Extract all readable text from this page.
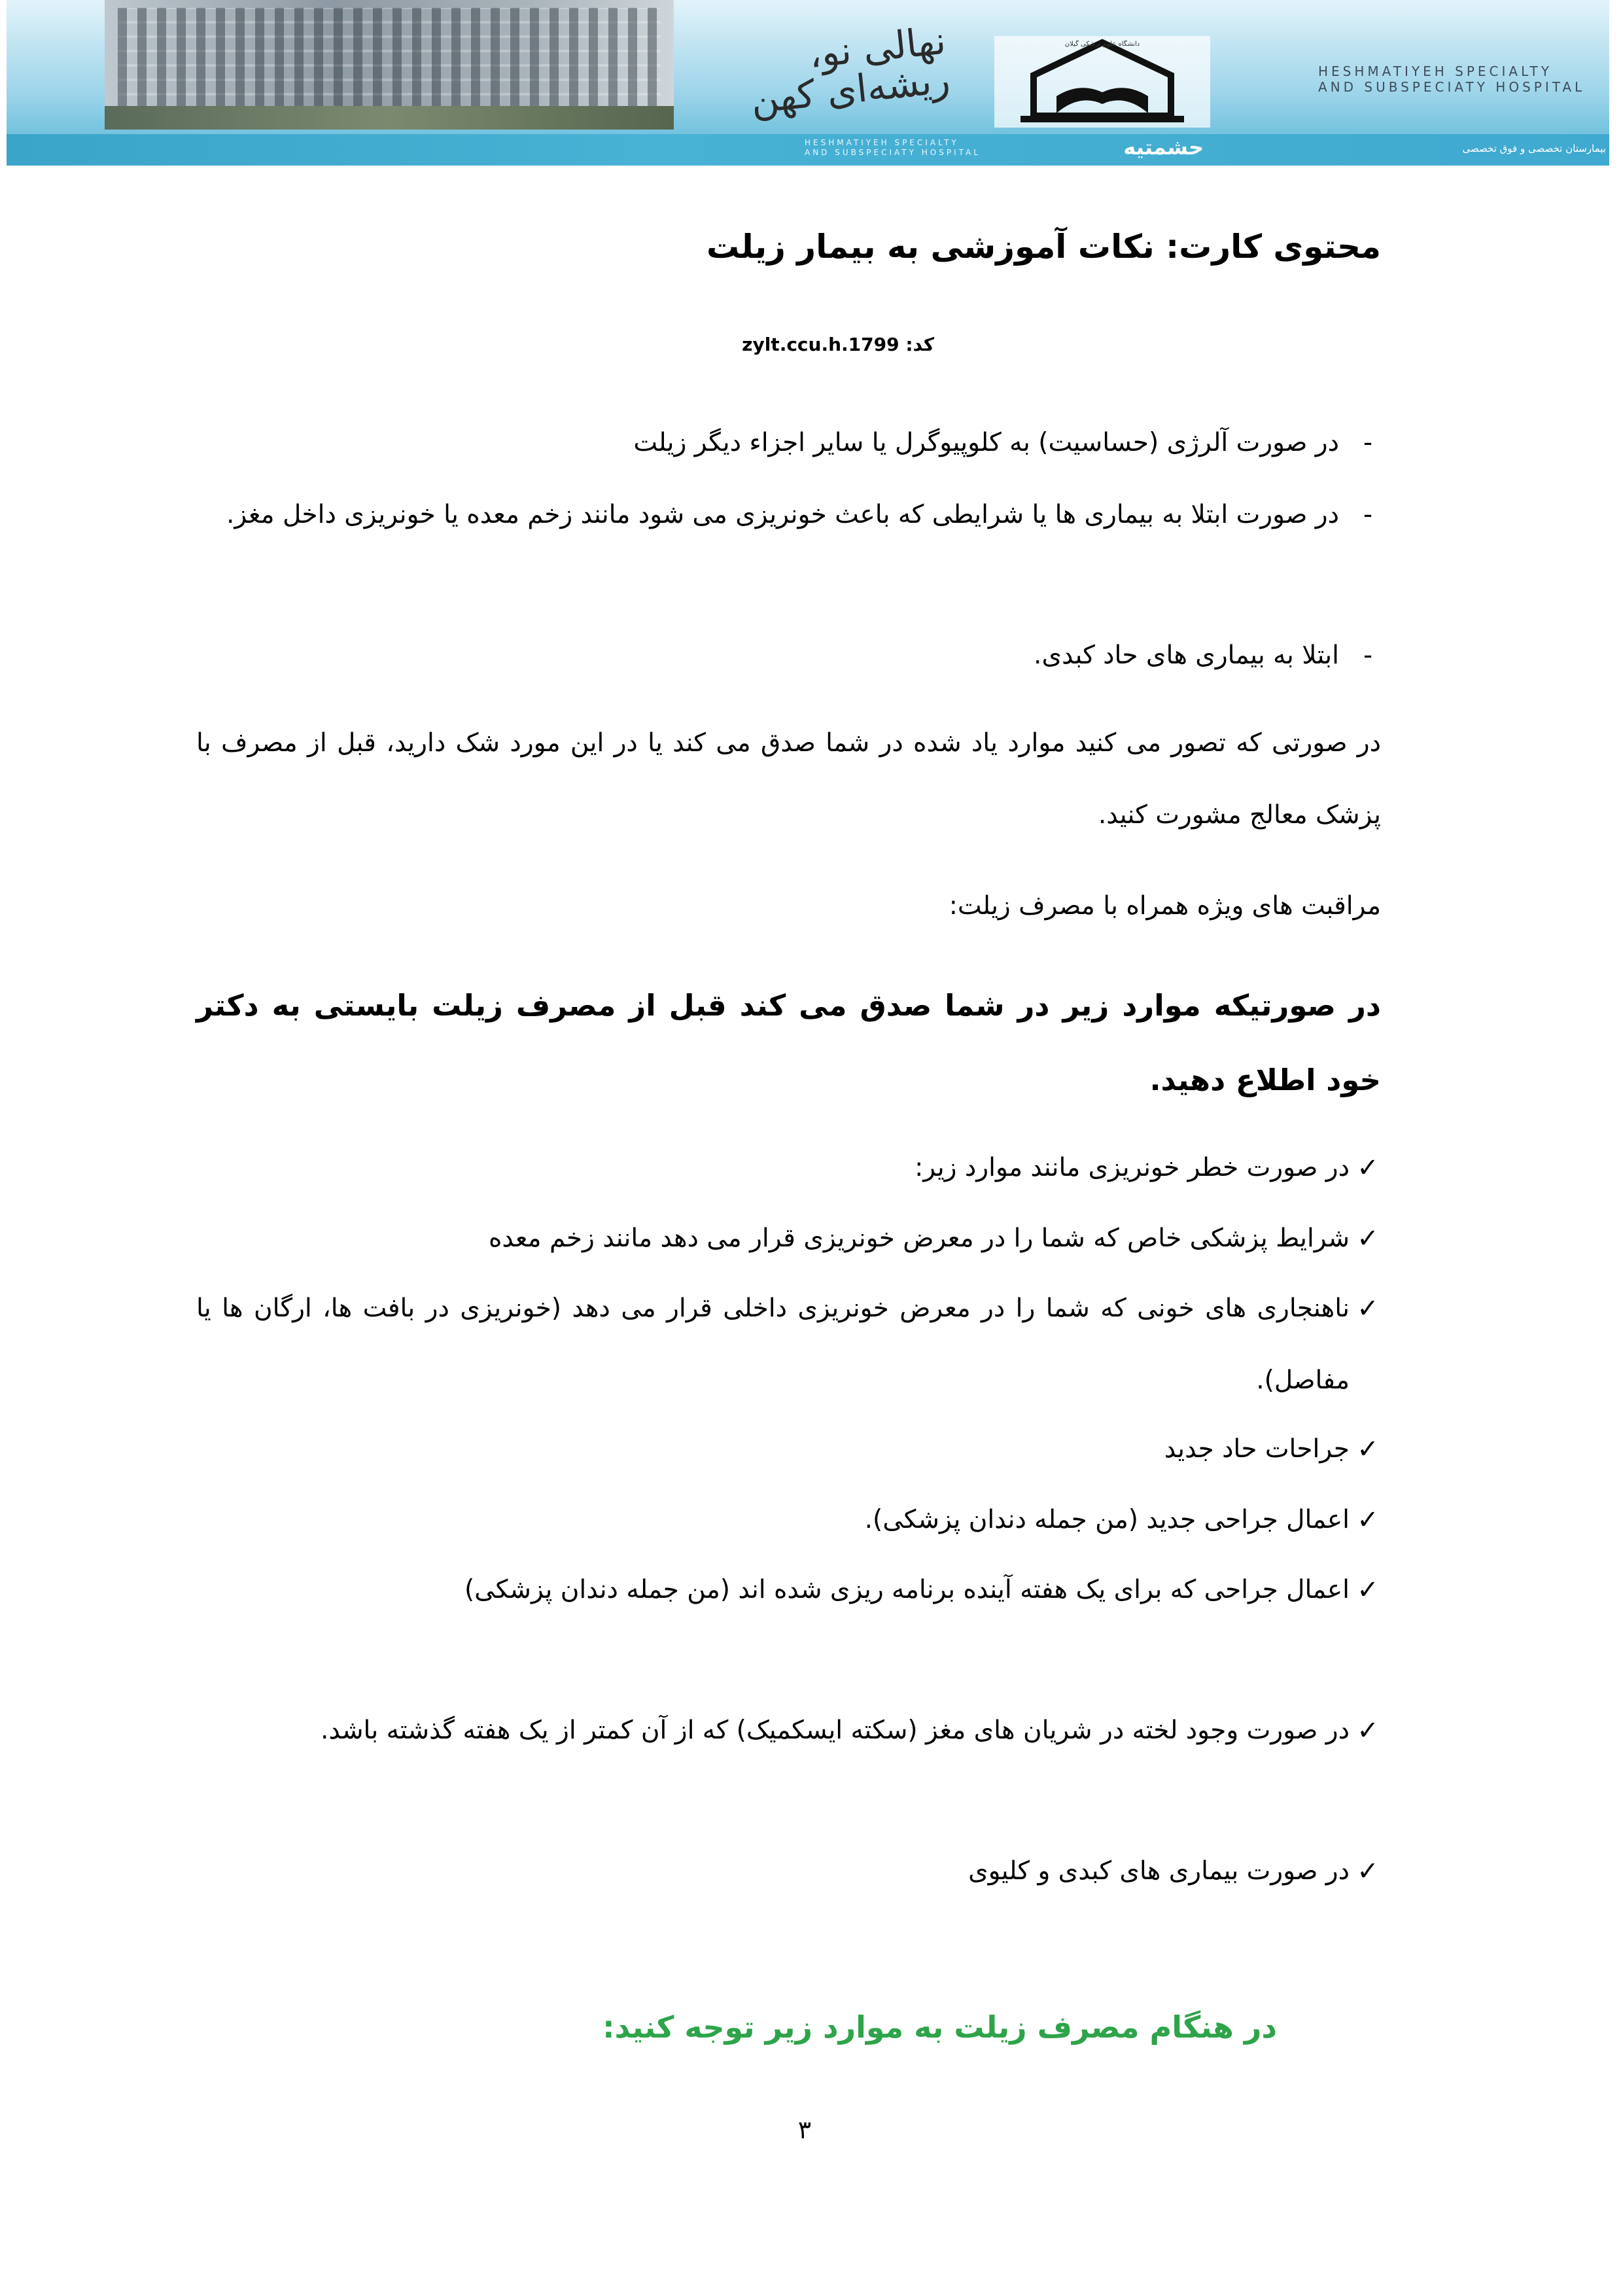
نهالی نو، ریشه‌ای کهن
دانشگاه علوم پزشکی گیلان
HESHMATIYEH SPECIALTY
AND SUBSPECIATY HOSPITAL
HESHMATIYEH SPECIALTY
AND SUBSPECIATY HOSPITAL	حشمتیه	بیمارستان تخصصی و فوق تخصصی
محتوی کارت: نکات آموزشی به بیمار زیلت
کد: zylt.ccu.h.1799
-
در صورت آلرژی (حساسیت) به کلوپیوگرل یا سایر اجزاء دیگر زیلت
-
در صورت ابتلا به بیماری ها یا شرایطی که باعث خونریزی می شود مانند زخم معده یا خونریزی داخل مغز.
-
ابتلا به بیماری های حاد کبدی.
در صورتی که تصور می کنید موارد یاد شده در شما صدق می کند یا در این مورد شک دارید، قبل از مصرف با پزشک معالج مشورت کنید.
مراقبت های ویژه همراه با مصرف زیلت:
در صورتیکه موارد زیر در شما صدق می کند قبل از مصرف زیلت بایستی به دکتر خود اطلاع دهید.
✓
در صورت خطر خونریزی مانند موارد زیر:
✓
شرایط پزشکی خاص که شما را در معرض خونریزی قرار می دهد مانند زخم معده
✓
ناهنجاری های خونی که شما را در معرض خونریزی داخلی قرار می دهد (خونریزی در بافت ها، ارگان ها یا مفاصل).
✓
جراحات حاد جدید
✓
اعمال جراحی جدید (من جمله دندان پزشکی).
✓
اعمال جراحی که برای یک هفته آینده برنامه ریزی شده اند (من جمله دندان پزشکی)
✓
در صورت وجود لخته در شریان های مغز (سکته ایسکمیک) که از آن کمتر از یک هفته گذشته باشد.
✓
در صورت بیماری های کبدی و کلیوی
در هنگام مصرف زیلت به موارد زیر توجه کنید:
۳
